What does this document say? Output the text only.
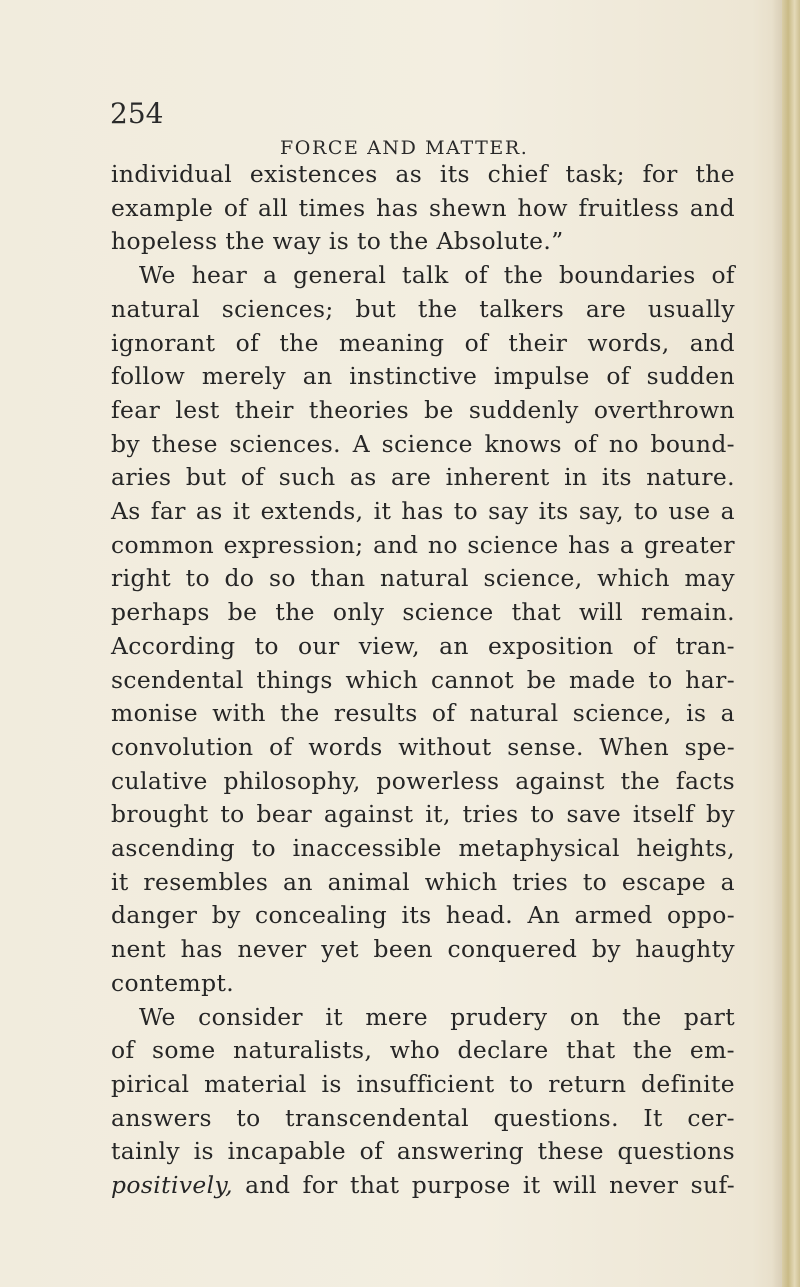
254
FORCE AND MATTER.

individual existences as its chief task; for the

example of all times has shewn how fruitless and

hopeless the way is to the Absolute.”

We hear a general talk of the boundaries of

natural sciences; but the talkers are usually

ignorant of the meaning of their words, and

follow merely an instinctive impulse of sudden

fear lest their theories be suddenly overthrown

by these sciences. A science knows of no bound-

aries but of such as are inherent in its nature.

As far as it extends, it has to say its say, to use a

common expression; and no science has a greater

right to do so than natural science, which may

perhaps be the only science that will remain.

According to our view, an exposition of tran-

scendental things which cannot be made to har-

monise with the results of natural science, is a

convolution of words without sense. When spe-

culative philosophy, powerless against the facts

brought to bear against it, tries to save itself by

ascending to inaccessible metaphysical heights,

it resembles an animal which tries to escape a

danger by concealing its head. An armed oppo-

nent has never yet been conquered by haughty

contempt.

We consider it mere prudery on the part

of some naturalists, who declare that the em-

pirical material is insufficient to return definite

answers to transcendental questions. It cer-

tainly is incapable of answering these questions

positively, and for that purpose it will never suf-
